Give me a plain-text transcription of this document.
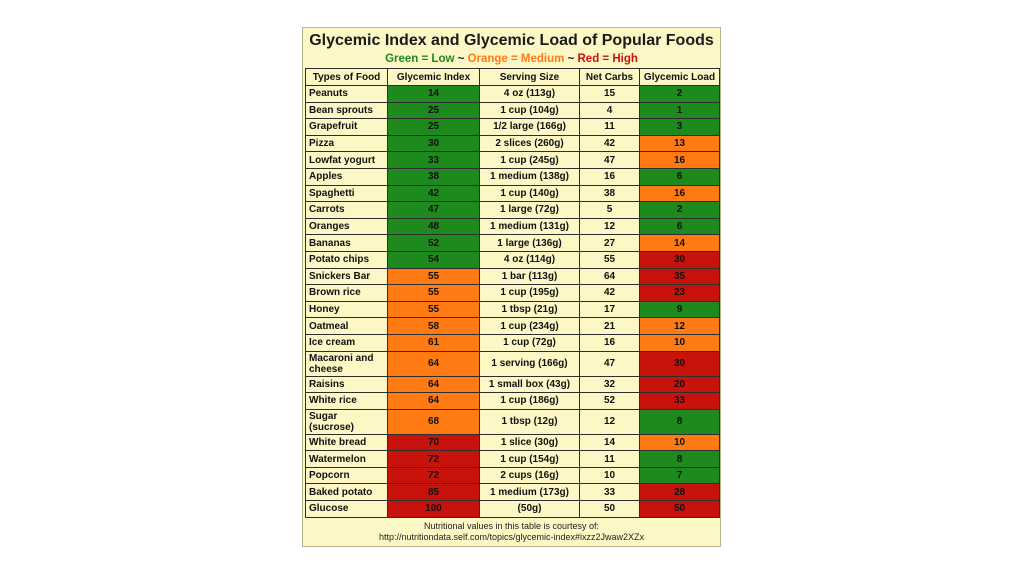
Glycemic Index and Glycemic Load of Popular Foods
Green = Low ~ Orange = Medium ~ Red = High
Types of Food	Glycemic Index	Serving Size	Net Carbs	Glycemic Load
Peanuts	14	4 oz (113g)	15	2
Bean sprouts	25	1 cup (104g)	4	1
Grapefruit	25	1/2 large (166g)	11	3
Pizza	30	2 slices (260g)	42	13
Lowfat yogurt	33	1 cup (245g)	47	16
Apples	38	1 medium (138g)	16	6
Spaghetti	42	1 cup (140g)	38	16
Carrots	47	1 large (72g)	5	2
Oranges	48	1 medium (131g)	12	6
Bananas	52	1 large (136g)	27	14
Potato chips	54	4 oz (114g)	55	30
Snickers Bar	55	1 bar (113g)	64	35
Brown rice	55	1 cup (195g)	42	23
Honey	55	1 tbsp (21g)	17	9
Oatmeal	58	1 cup (234g)	21	12
Ice cream	61	1 cup (72g)	16	10
Macaroni and cheese	64	1 serving (166g)	47	30
Raisins	64	1 small box (43g)	32	20
White rice	64	1 cup (186g)	52	33
Sugar (sucrose)	68	1 tbsp (12g)	12	8
White bread	70	1 slice (30g)	14	10
Watermelon	72	1 cup (154g)	11	8
Popcorn	72	2 cups (16g)	10	7
Baked potato	85	1 medium (173g)	33	28
Glucose	100	(50g)	50	50
Nutritional values in this table is courtesy of:
http://nutritiondata.self.com/topics/glycemic-index#ixzz2Jwaw2XZx
